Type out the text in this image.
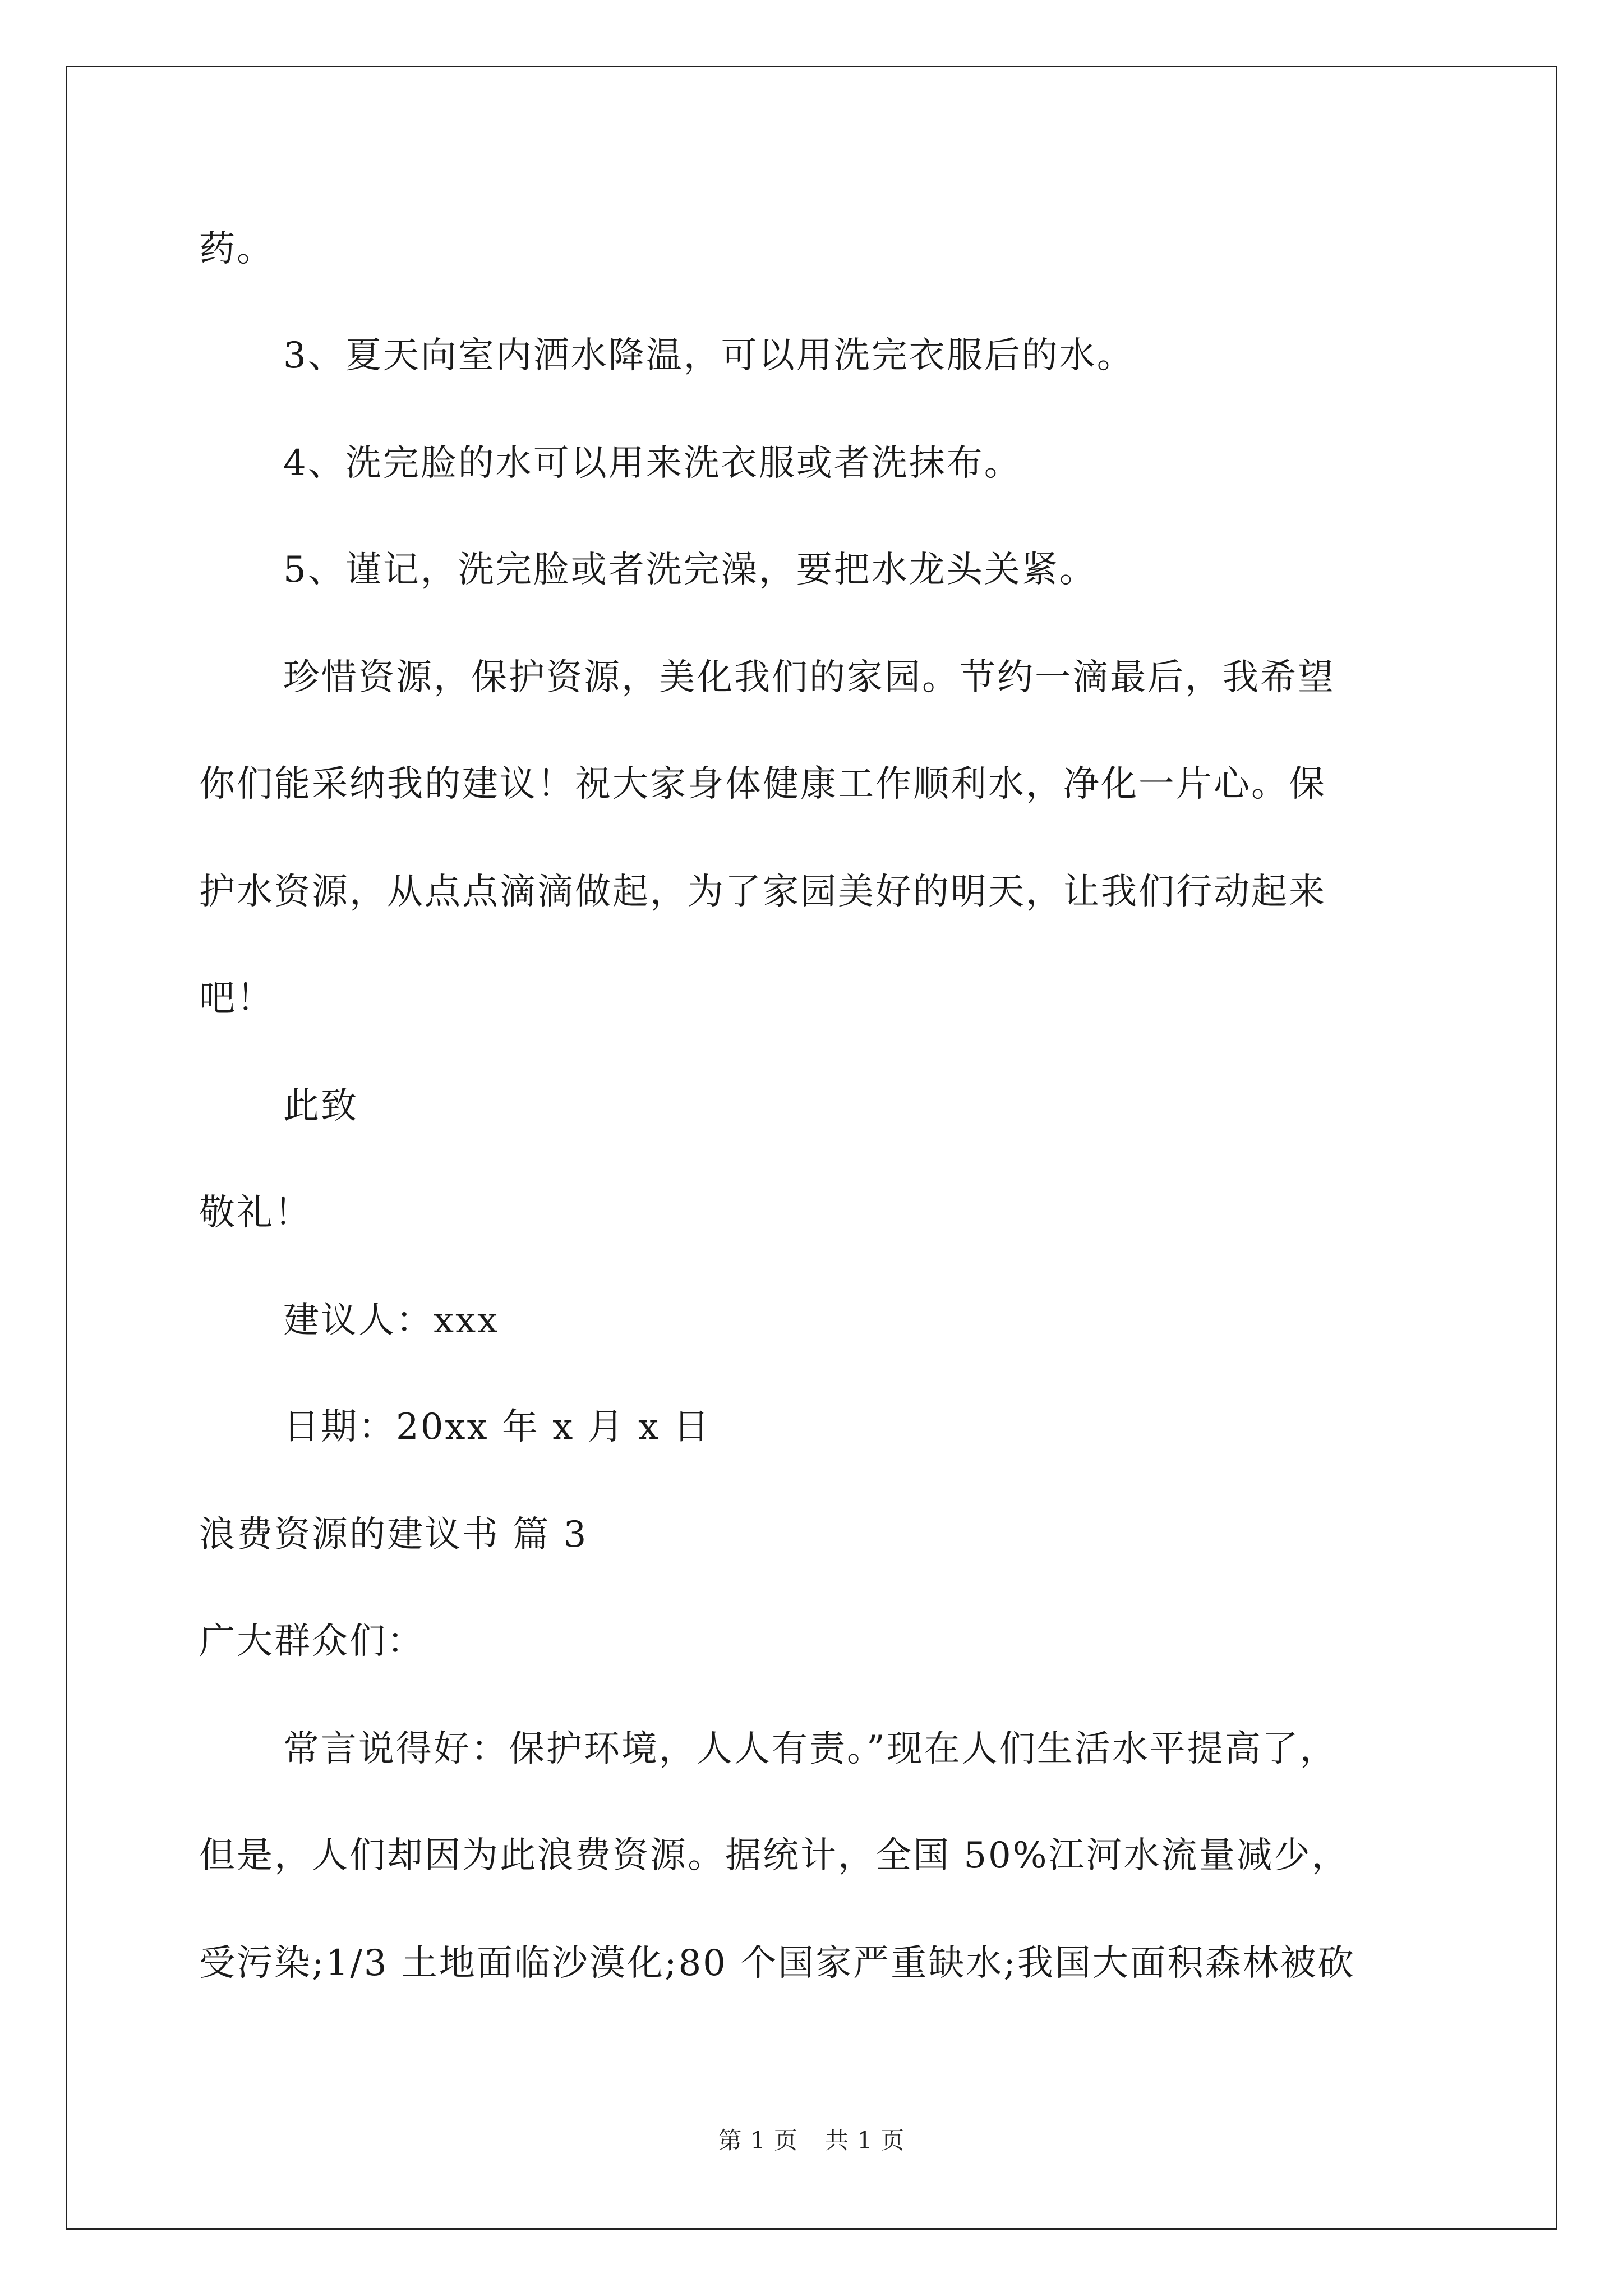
药。
3、夏天向室内洒水降温，可以用洗完衣服后的水。
4、洗完脸的水可以用来洗衣服或者洗抹布。
5、谨记，洗完脸或者洗完澡，要把水龙头关紧。
珍惜资源，保护资源，美化我们的家园。节约一滴最后，我希望
你们能采纳我的建议！祝大家身体健康工作顺利水，净化一片心。保
护水资源，从点点滴滴做起，为了家园美好的明天，让我们行动起来
吧！
此致
敬礼！
建议人：xxx
日期：20xx 年 x 月 x 日
浪费资源的建议书 篇 3
广大群众们：
常言说得好：保护环境，人人有责。”现在人们生活水平提高了，
但是，人们却因为此浪费资源。据统计，全国 50%江河水流量减少，
受污染;1/3 土地面临沙漠化;80 个国家严重缺水;我国大面积森林被砍
第 1 页 共 1 页
